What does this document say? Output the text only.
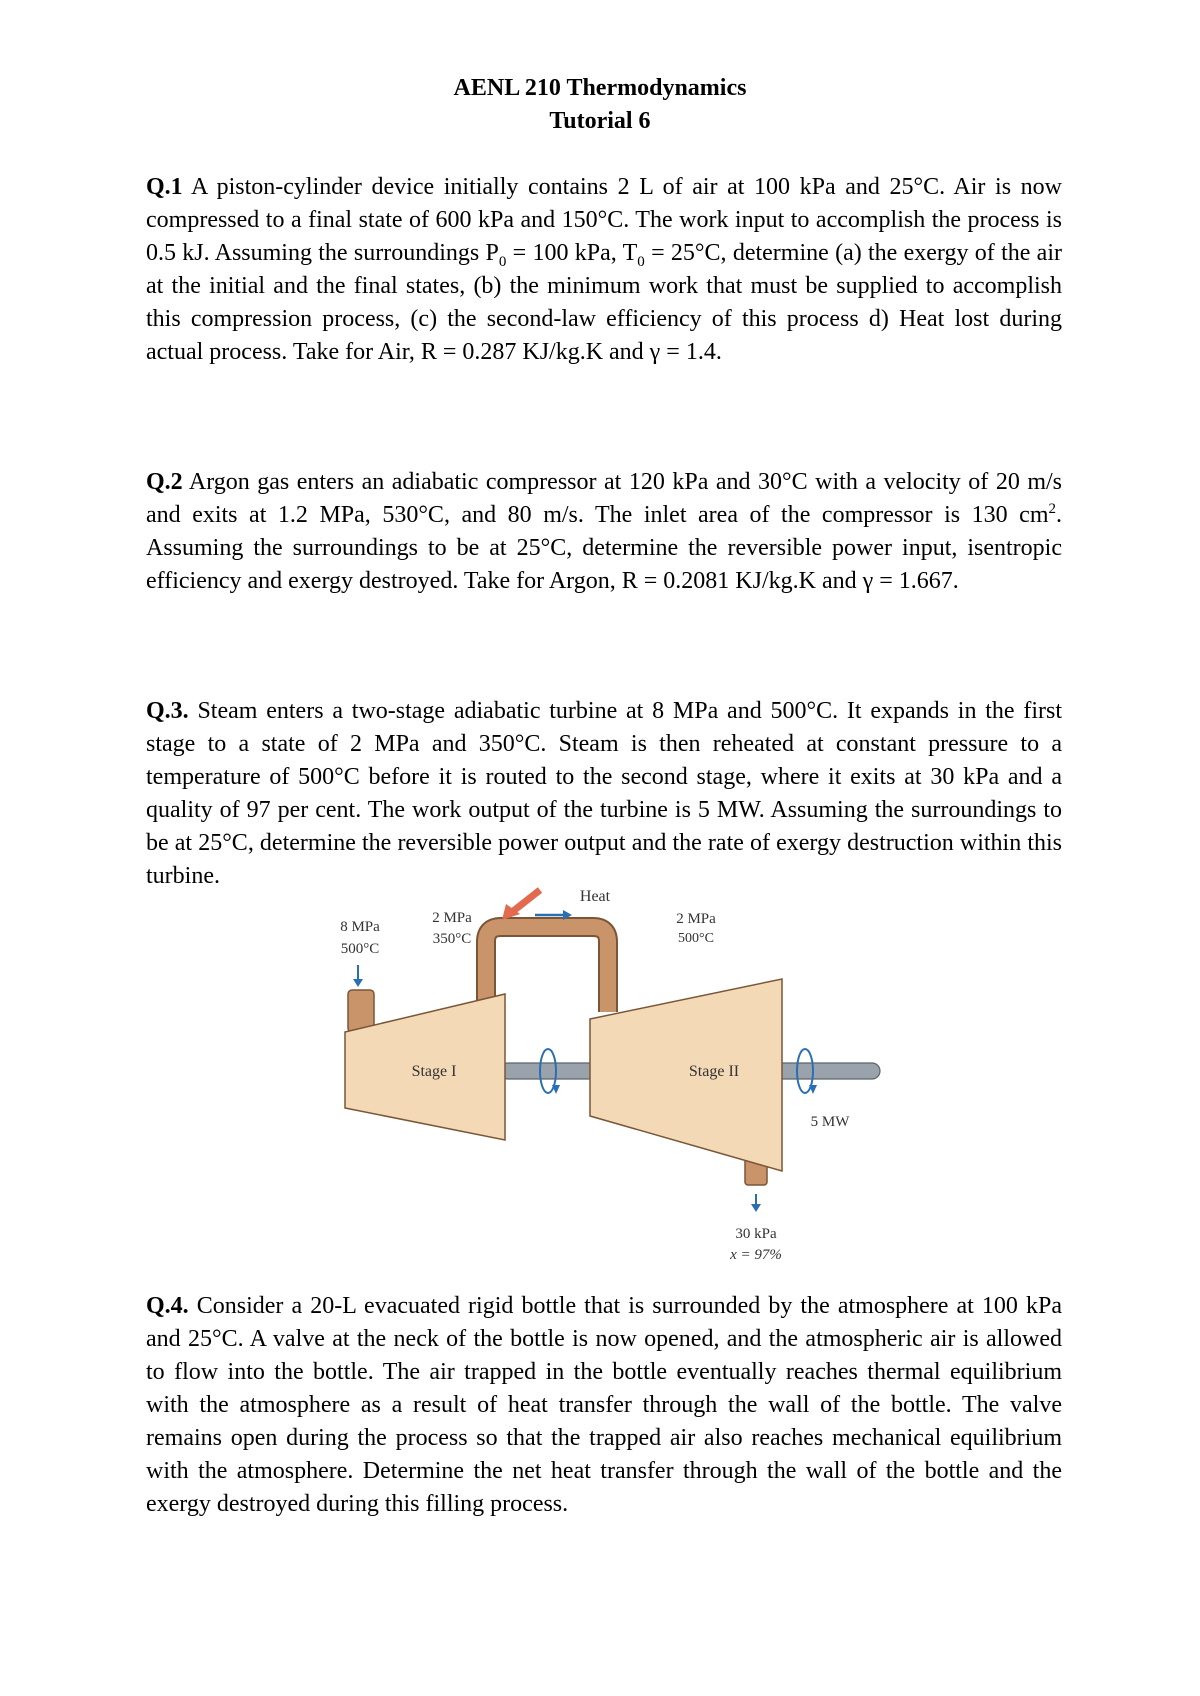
AENL 210 Thermodynamics
Tutorial 6

Q.1 A piston‑cylinder device initially contains 2 L of air at 100 kPa and 25°C. Air is now compressed to a final state of 600 kPa and 150°C. The work input to accomplish the process is 0.5 kJ. Assuming the surroundings $P_0 = 100$ kPa, $T_0 = 25^\circ C$, determine (a) the exergy of the air at the initial and the final states, (b) the minimum work that must be supplied to accomplish this compression process, (c) the second-law efficiency of this process d) Heat lost during actual process. Take for Air, R = 0.287 KJ/kg.K and γ = 1.4.

Q.2 Argon gas enters an adiabatic compressor at 120 kPa and 30°C with a velocity of 20 m/s and exits at 1.2 MPa, 530°C, and 80 m/s. The inlet area of the compressor is 130 $cm^2$. Assuming the surroundings to be at 25°C, determine the reversible power input, isentropic efficiency and exergy destroyed. Take for Argon, R = 0.2081 KJ/kg.K and γ = 1.667.

Q.3. Steam enters a two-stage adiabatic turbine at 8 MPa and 500°C. It expands in the first stage to a state of 2 MPa and 350°C. Steam is then reheated at constant pressure to a temperature of 500°C before it is routed to the second stage, where it exits at 30 kPa and a quality of 97 per cent. The work output of the turbine is 5 MW. Assuming the surroundings to be at 25°C, determine the reversible power output and the rate of exergy destruction within this turbine.

8 MPa
500°C
2 MPa
350°C
Heat
2 MPa
500°C
Stage I	Stage II
5 MW
30 kPa
x = 97%

Q.4. Consider a 20-L evacuated rigid bottle that is surrounded by the atmosphere at 100 kPa and 25°C. A valve at the neck of the bottle is now opened, and the atmospheric air is allowed to flow into the bottle. The air trapped in the bottle eventually reaches thermal equilibrium with the atmosphere as a result of heat transfer through the wall of the bottle. The valve remains open during the process so that the trapped air also reaches mechanical equilibrium with the atmosphere. Determine the net heat transfer through the wall of the bottle and the exergy destroyed during this filling process.
